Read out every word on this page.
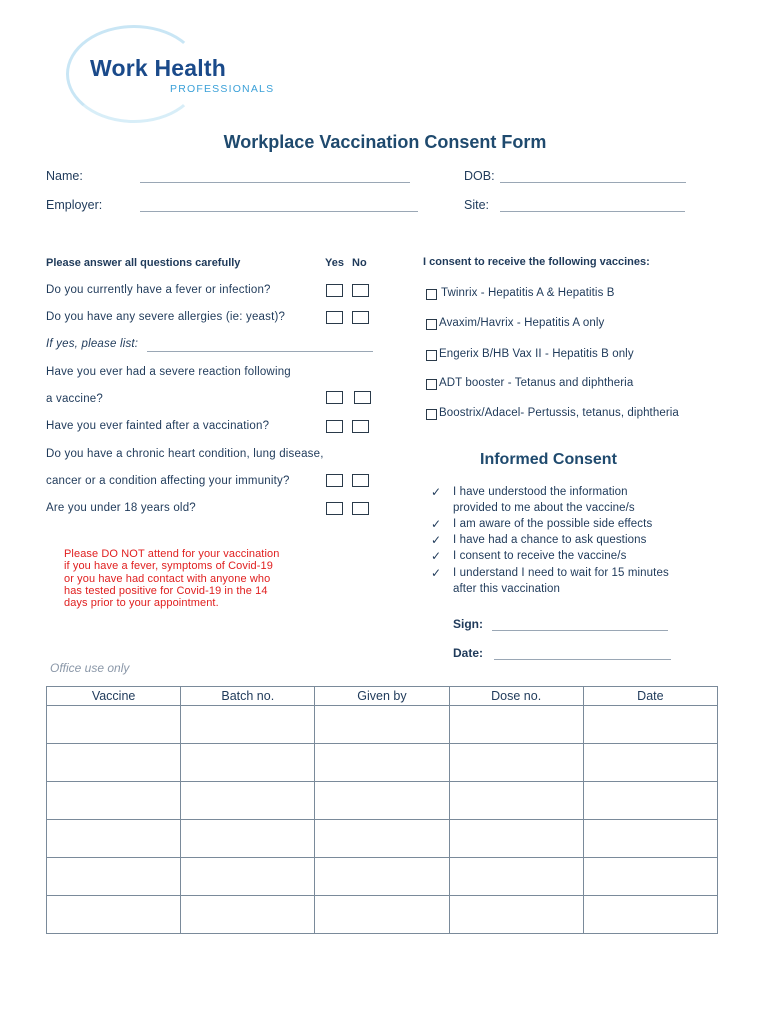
Work Health
PROFESSIONALS
Workplace Vaccination Consent Form
Name:	DOB:
Employer:	Site:
Please answer all questions carefully	Yes No
Do you currently have a fever or infection?
Do you have any severe allergies (ie: yeast)?
If yes, please list:
Have you ever had a severe reaction following
a vaccine?
Have you ever fainted after a vaccination?
Do you have a chronic heart condition, lung disease,
cancer or a condition affecting your immunity?
Are you under 18 years old?
Please DO NOT attend for your vaccination
if you have a fever, symptoms of Covid-19
or you have had contact with anyone who
has tested positive for Covid-19 in the 14
days prior to your appointment.
I consent to receive the following vaccines:
Twinrix - Hepatitis A & Hepatitis B
Avaxim/Havrix - Hepatitis A only
Engerix B/HB Vax II - Hepatitis B only
ADT booster - Tetanus and diphtheria
Boostrix/Adacel- Pertussis, tetanus, diphtheria
Informed Consent
✓ I have understood the information
provided to me about the vaccine/s
✓ I am aware of the possible side effects
✓ I have had a chance to ask questions
✓ I consent to receive the vaccine/s
✓ I understand I need to wait for 15 minutes
after this vaccination
Sign:
Date:
Office use only
Vaccine	Batch no.	Given by	Dose no.	Date
